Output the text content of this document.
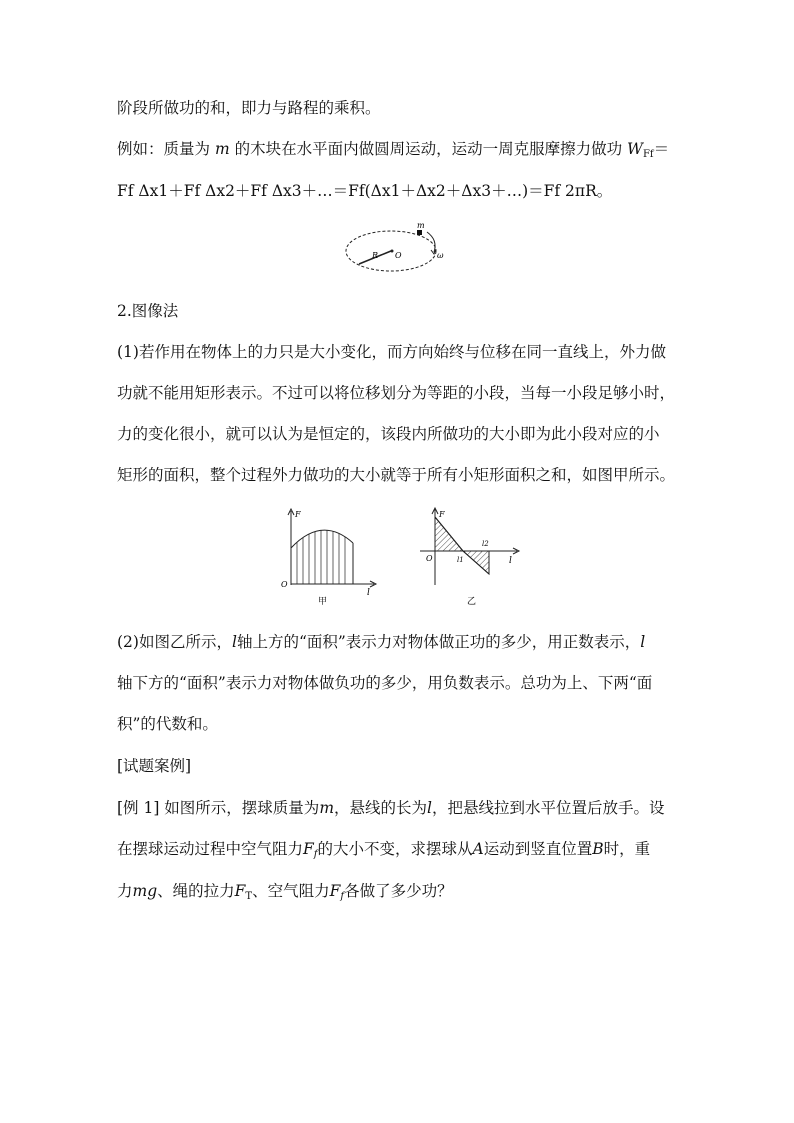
阶段所做功的和，即力与路程的乘积。
例如：质量为 m 的木块在水平面内做圆周运动，运动一周克服摩擦力做功 $W_{Ff}=$
Ff Δx1＋Ff Δx2＋Ff Δx3＋…＝Ff(Δx1＋Δx2＋Δx3＋…)＝Ff 2πR。
m
R O	ω
2.图像法
(1)若作用在物体上的力只是大小变化，而方向始终与位移在同一直线上，外力做
功就不能用矩形表示。不过可以将位移划分为等距的小段，当每一小段足够小时，
力的变化很小，就可以认为是恒定的，该段内所做功的大小即为此小段对应的小
矩形的面积，整个过程外力做功的大小就等于所有小矩形面积之和，如图甲所示。
F
O
l
甲
F
O	l1
l2
l
乙
(2)如图乙所示，l轴上方的“面积”表示力对物体做正功的多少，用正数表示，l
轴下方的“面积”表示力对物体做负功的多少，用负数表示。总功为上、下两“面
积”的代数和。
[试题案例]
[例 1] 如图所示，摆球质量为m，悬线的长为l，把悬线拉到水平位置后放手。设
在摆球运动过程中空气阻力$F_f$的大小不变，求摆球从A运动到竖直位置B时，重
力mg、绳的拉力$F_T$、空气阻力$F_f$各做了多少功？
